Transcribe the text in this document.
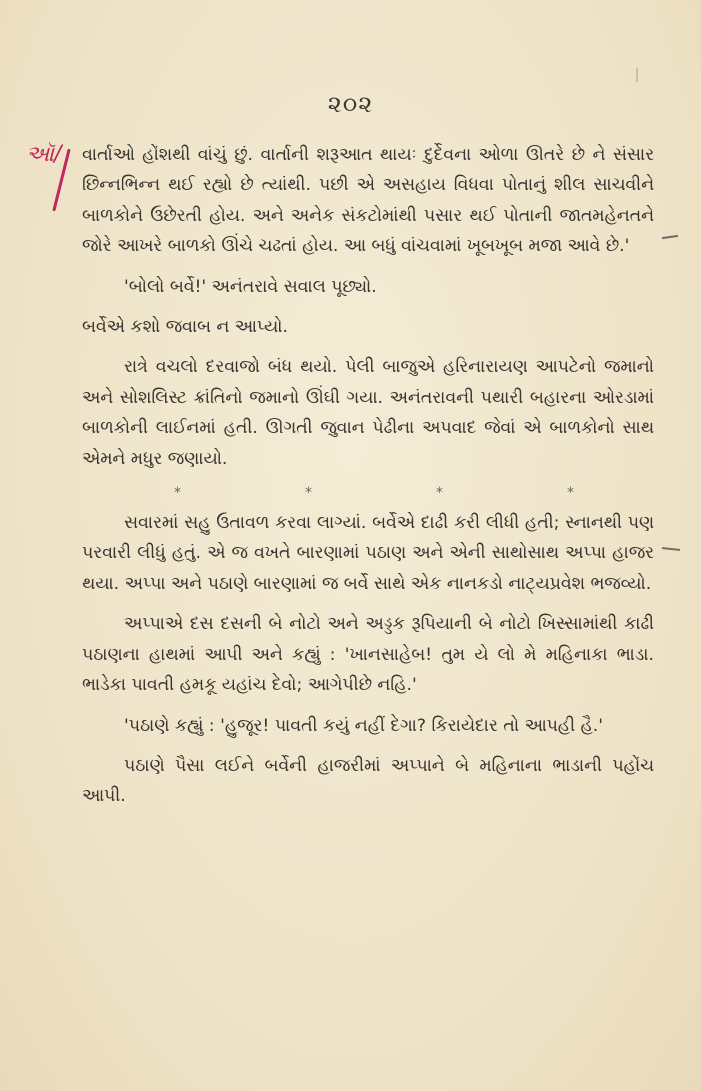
૨૦૨
ઑ/ વાર્તાઓ હોંશથી વાંચું છું. વાર્તાની શરૂઆત થાયઃ દુર્દેવના ઓળા ઊતરે છે ને સંસાર છિન્નભિન્ન થઈ રહ્યો છે ત્યાંથી. પછી એ અસહાય વિધવા પોતાનું શીલ સાચવીને બાળકોને ઉછેરતી હોય. અને અનેક સંકટોમાંથી પસાર થઈ પોતાની જાતમહેનતને જોરે આખરે બાળકો ઊંચે ચઢતાં હોય. આ બધું વાંચવામાં ખૂબખૂબ મજા આવે છે.'

'બોલો બર્વે!' અનંતરાવે સવાલ પૂછ્યો.

બર્વેએ કશો જવાબ ન આપ્યો.

રાત્રે વચલો દરવાજો બંધ થયો. પેલી બાજુએ હરિનારાયણ આપટેનો જમાનો અને સોશલિસ્ટ ક્રાંતિનો જમાનો ઊંઘી ગયા. અનંતરાવની પથારી બહારના ઓરડામાં બાળકોની લાઈનમાં હતી. ઊગતી જુવાન પેઢીના અપવાદ જેવાં એ બાળકોનો સાથ એમને મધુર જણાયો.

*	*	*	*

સવારમાં સહુ ઉતાવળ કરવા લાગ્યાં. બર્વેએ દાઢી કરી લીધી હતી; સ્નાનથી પણ પરવારી લીધું હતું. એ જ વખતે બારણામાં પઠાણ અને એની સાથોસાથ અપ્પા હાજર થયા. અપ્પા અને પઠાણે બારણામાં જ બર્વે સાથે એક નાનકડો નાટ્યપ્રવેશ ભજવ્યો.

અપ્પાએ દસ દસની બે નોટો અને અડ્ડક રૂપિયાની બે નોટો ખિસ્સામાંથી કાઢી પઠાણના હાથમાં આપી અને કહ્યું : 'ખાનસાહેબ! તુમ યે લો મે મહિનાકા ભાડા. ભાડેકા પાવતી હમકૂ યહાંચ દેવો; આગેપીછે નહિ.'

'પઠાણે કહ્યું : 'હુજૂર! પાવતી કયું નહીં દેગા? કિરાયેદાર તો આપહી હૈ.'

પઠાણે પૈસા લઈને બર્વેની હાજરીમાં અપ્પાને બે મહિનાના ભાડાની પહોંચ આપી.
